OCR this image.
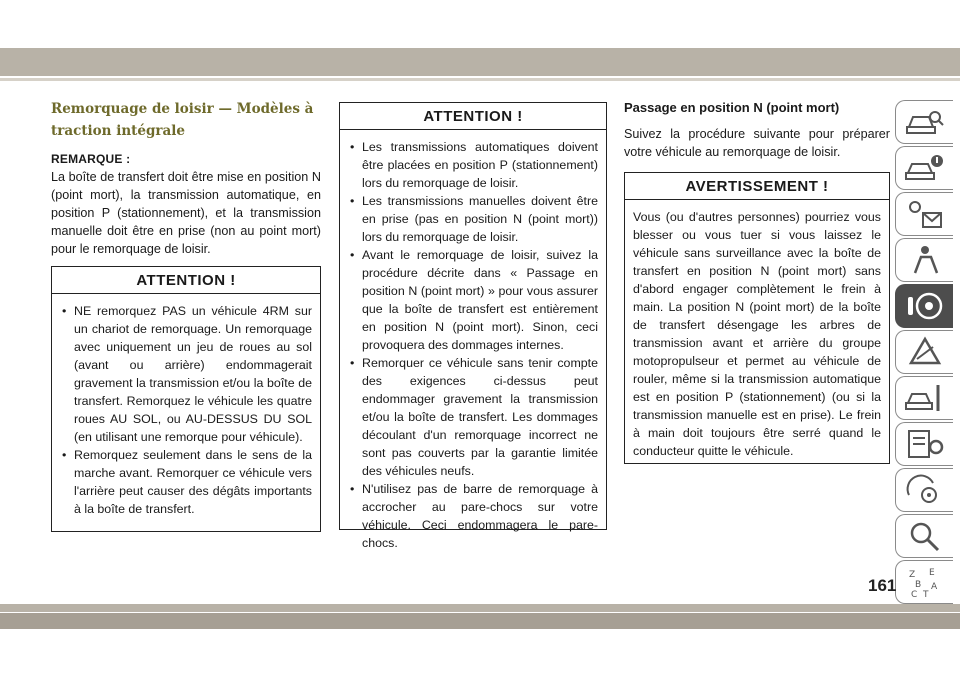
Remorquage de loisir — Modèles à traction intégrale
REMARQUE :

La boîte de transfert doit être mise en position N (point mort), la transmission automatique, en position P (stationnement), et la transmission manuelle doit être en prise (non au point mort) pour le remorquage de loisir.

ATTENTION !
• NE remorquez PAS un véhicule 4RM sur un chariot de remorquage. Un remorquage avec uniquement un jeu de roues au sol (avant ou arrière) endommagerait gravement la transmission et/ou la boîte de transfert. Remorquez le véhicule les quatre roues AU SOL, ou AU-DESSUS DU SOL (en utilisant une remorque pour véhicule).
• Remorquez seulement dans le sens de la marche avant. Remorquer ce véhicule vers l'arrière peut causer des dégâts importants à la boîte de transfert.
ATTENTION !
• Les transmissions automatiques doivent être placées en position P (stationnement) lors du remorquage de loisir.
• Les transmissions manuelles doivent être en prise (pas en position N (point mort)) lors du remorquage de loisir.
• Avant le remorquage de loisir, suivez la procédure décrite dans « Passage en position N (point mort) » pour vous assurer que la boîte de transfert est entièrement en position N (point mort). Sinon, ceci provoquera des dommages internes.
• Remorquer ce véhicule sans tenir compte des exigences ci-dessus peut endommager gravement la transmission et/ou la boîte de transfert. Les dommages découlant d'un remorquage incorrect ne sont pas couverts par la garantie limitée des véhicules neufs.
• N'utilisez pas de barre de remorquage à accrocher au pare-chocs sur votre véhicule. Ceci endommagera le pare-chocs.
Passage en position N (point mort)

Suivez la procédure suivante pour préparer votre véhicule au remorquage de loisir.

AVERTISSEMENT !
Vous (ou d'autres personnes) pourriez vous blesser ou vous tuer si vous laissez le véhicule sans surveillance avec la boîte de transfert en position N (point mort) sans d'abord engager complètement le frein à main. La position N (point mort) de la boîte de transfert désengage les arbres de transmission avant et arrière du groupe motopropulseur et permet au véhicule de rouler, même si la transmission automatique est en position P (stationnement) (ou si la transmission manuelle est en prise). Le frein à main doit toujours être serré quand le conducteur quitte le véhicule.
Z E
B A
C T
161
